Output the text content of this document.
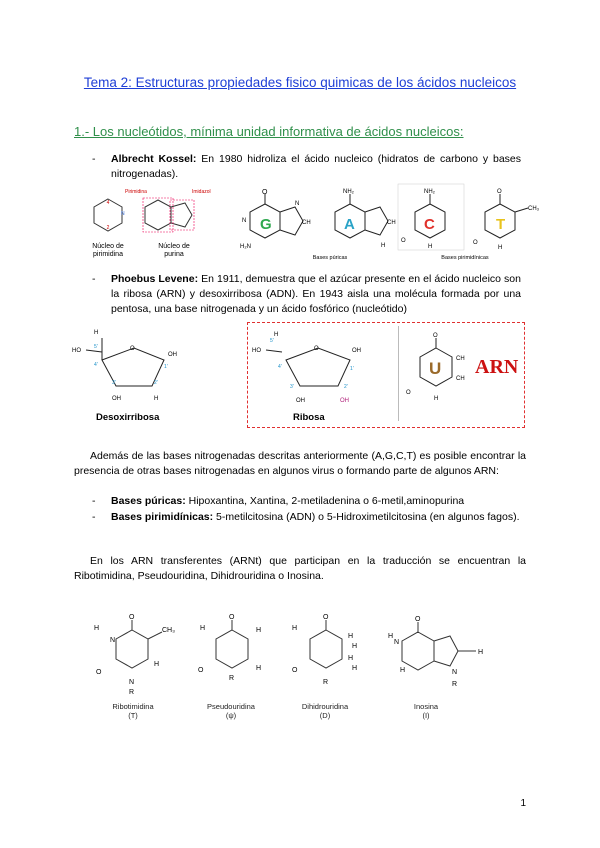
Tema 2: Estructuras propiedades fisico quimicas de los ácidos nucleicos
1.- Los nucleótidos, mínima unidad informativa de ácidos nucleicos:
- Albrecht Kossel: En 1980 hidroliza el ácido nucleico (hidratos de carbono y bases nitrogenadas).
4
N
2
Núcleo de pirimidina
Pirimidina	Imidazol
Núcleo de purina
O
N
H₂N
CH
N
G
NH₂
CH
H
A
NH₂
O
H
C
O
CH₃
O
H
T
Bases púricas	Bases pirimidínicas
- Phoebus Levene: En 1911, demuestra que el azúcar presente en el ácido nucleico son la ribosa (ARN) y desoxirribosa (ADN). En 1943 aisla una molécula formada por una pentosa, una base nitrogenada y un ácido fosfórico (nucleótido)
H
HO
5'	O
OH
4'
3'	2'
1'
OH	H
Desoxirribosa
H
HO
5'
O	OH
4'
3'	2'
1'
OH	OH
Ribosa
O
CH
CH
O
H
U ARN
Además de las bases nitrogenadas descritas anteriormente (A,G,C,T) es posible encontrar la presencia de otras bases nitrogenadas en algunos virus o formando parte de algunos ARN:
- Bases púricas: Hipoxantina, Xantina, 2-metiladenina o 6-metil,aminopurina
- Bases pirimidínicas: 5-metilcitosina (ADN) o 5-Hidroximetilcitosina (en algunos fagos).
En los ARN transferentes (ARNt) que participan en la traducción se encuentran la Ribotimidina, Pseudouridina, Dihidrouridina o Inosina.
O
H
N
CH₃
H
O
N
R
O
H	H
O	H
R
O
H
H
H
H
H
O
R
O
H
N
H
H	N
R
Ribotimidina
(T)
Pseudouridina
(ψ)
Dihidrouridina
(D)
Inosina
(I)
1
